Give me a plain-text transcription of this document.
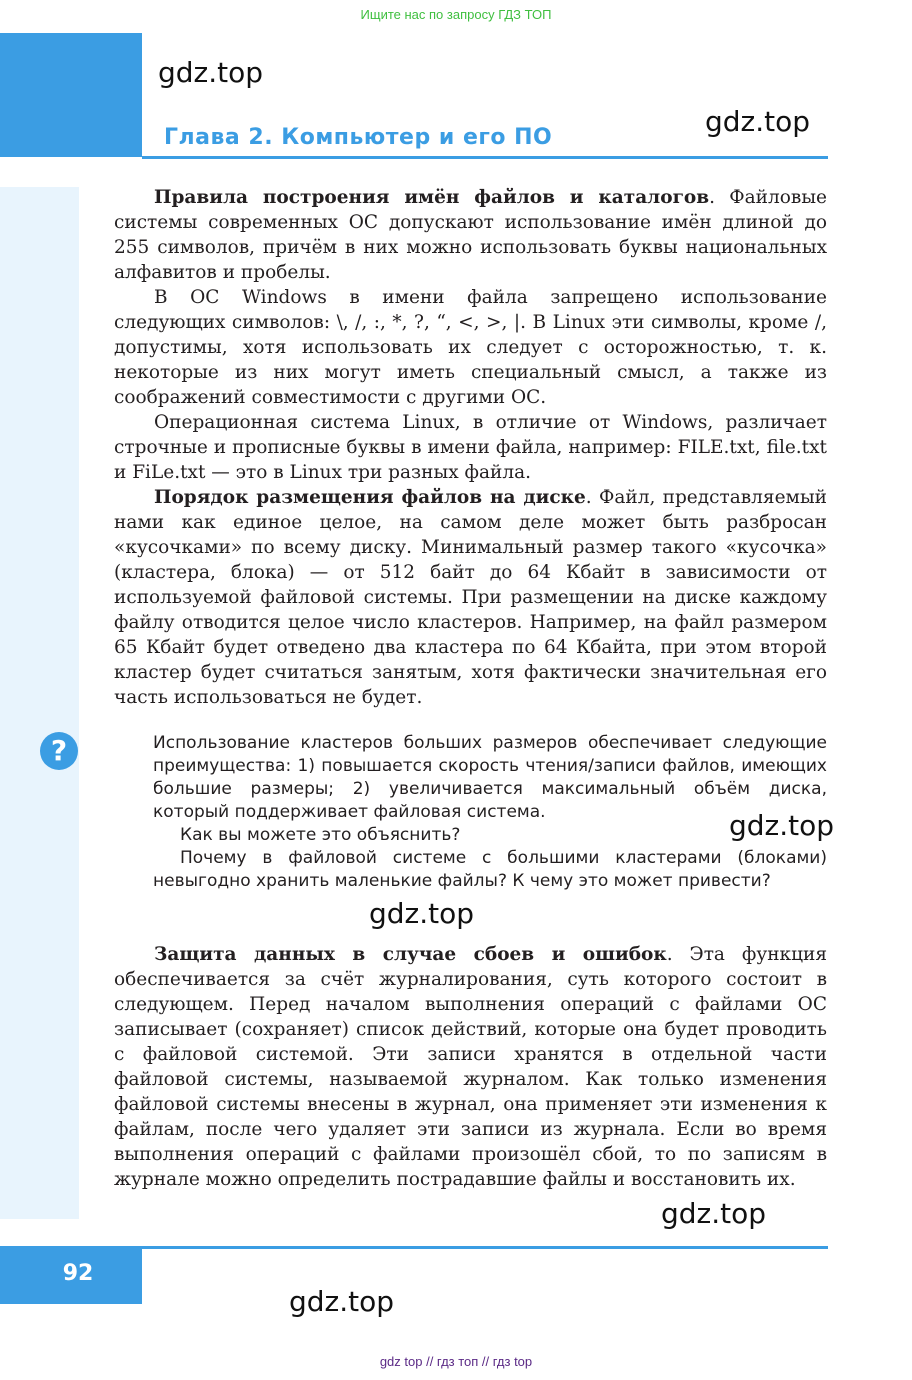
Ищите нас по запросу ГДЗ ТОП
gdz.top
gdz.top
Глава 2. Компьютер и его ПО

Правила построения имён файлов и каталогов. Файловые системы современных ОС допускают использование имён длиной до 255 символов, причём в них можно использовать буквы национальных алфавитов и пробелы.

В ОС Windows в имени файла запрещено использование следующих символов: \, /, :, *, ?, “, <, >, |. В Linux эти символы, кроме /, допустимы, хотя использовать их следует с осторожностью, т. к. некоторые из них могут иметь специальный смысл, а также из соображений совместимости с другими ОС.

Операционная система Linux, в отличие от Windows, различает строчные и прописные буквы в имени файла, например: FILE.txt, file.txt и FiLe.txt — это в Linux три разных файла.

Порядок размещения файлов на диске. Файл, представляемый нами как единое целое, на самом деле может быть разбросан «кусочками» по всему диску. Минимальный размер такого «кусочка» (кластера, блока) — от 512 байт до 64 Кбайт в зависимости от используемой файловой системы. При размещении на диске каждому файлу отводится целое число кластеров. Например, на файл размером 65 Кбайт будет отведено два кластера по 64 Кбайта, при этом второй кластер будет считаться занятым, хотя фактически значительная его часть использоваться не будет.

?	Использование кластеров больших размеров обеспечивает следующие преимущества: 1) повышается скорость чтения/записи файлов, имеющих большие размеры; 2) увеличивается максимальный объём диска, который поддерживает файловая система.

Как вы можете это объяснить?

Почему в файловой системе с большими кластерами (блоками) невыгодно хранить маленькие файлы? К чему это может привести?

gdz.top
gdz.top

Защита данных в случае сбоев и ошибок. Эта функция обеспечивается за счёт журналирования, суть которого состоит в следующем. Перед началом выполнения операций с файлами ОС записывает (сохраняет) список действий, которые она будет проводить с файловой системой. Эти записи хранятся в отдельной части файловой системы, называемой журналом. Как только изменения файловой системы внесены в журнал, она применяет эти изменения к файлам, после чего удаляет эти записи из журнала. Если во время выполнения операций с файлами произошёл сбой, то по записям в журнале можно определить пострадавшие файлы и восстановить их.

gdz.top
92
gdz.top
gdz top // гдз топ // гдз top
